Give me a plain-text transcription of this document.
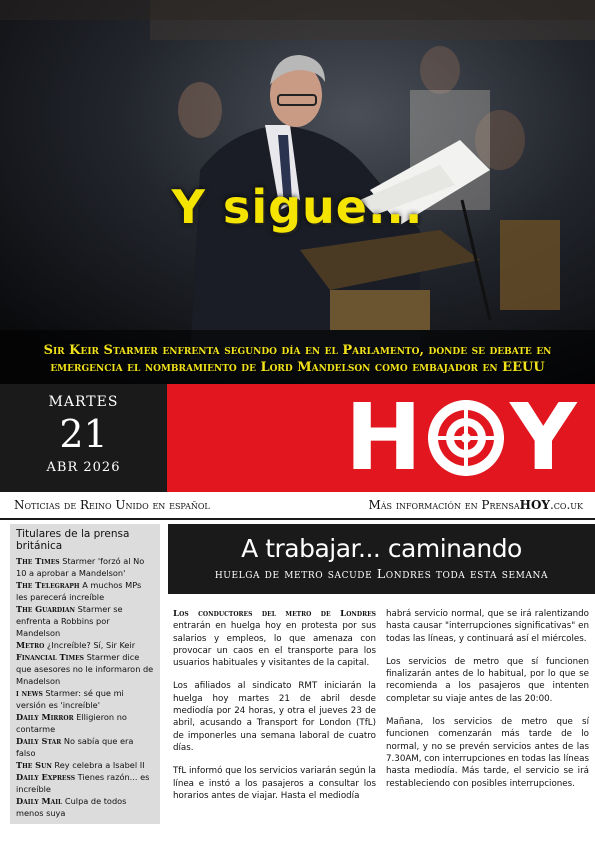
Y sigue...
Sir Keir Starmer enfrenta segundo día en el Parlamento, donde se debate en emergencia el nombramiento de Lord Mandelson como embajador en EEUU
MARTES
21
ABR 2026	H Y
Noticias de Reino Unido en español	Más información en PrensaHOY.co.uk
Titulares de la prensa británica
The Times Starmer 'forzó al No 10 a aprobar a Mandelson'
The Telegraph A muchos MPs les parecerá increíble
The Guardian Starmer se enfrenta a Robbins por Mandelson
Metro ¿Increíble? Sí, Sir Keir
Financial Times Starmer dice que asesores no le informaron de Mnadelson
i news Starmer: sé que mi versión es 'increíble'
Daily Mirror Elligieron no contarme
Daily Star No sabía que era falso
The Sun Rey celebra a Isabel II
Daily Express Tienes razón... es increíble
Daily Mail Culpa de todos menos suya
A trabajar... caminando
huelga de metro sacude Londres toda esta semana

Los conductores del metro de Londres entrarán en huelga hoy en protesta por sus salarios y empleos, lo que amenaza con provocar un caos en el transporte para los usuarios habituales y visitantes de la capital.

Los afiliados al sindicato RMT iniciarán la huelga hoy martes 21 de abril desde mediodía por 24 horas, y otra el jueves 23 de abril, acusando a Transport for London (TfL) de imponerles una semana laboral de cuatro días.

TfL informó que los servicios variarán según la línea e instó a los pasajeros a consultar los horarios antes de viajar. Hasta el mediodía

habrá servicio normal, que se irá ralentizando hasta causar "interrupciones significativas" en todas las líneas, y continuará así el miércoles.

Los servicios de metro que sí funcionen finalizarán antes de lo habitual, por lo que se recomienda a los pasajeros que intenten completar su viaje antes de las 20:00.

Mañana, los servicios de metro que sí funcionen comenzarán más tarde de lo normal, y no se prevén servicios antes de las 7.30AM, con interrupciones en todas las líneas hasta mediodía. Más tarde, el servicio se irá restableciendo con posibles interrupciones.
